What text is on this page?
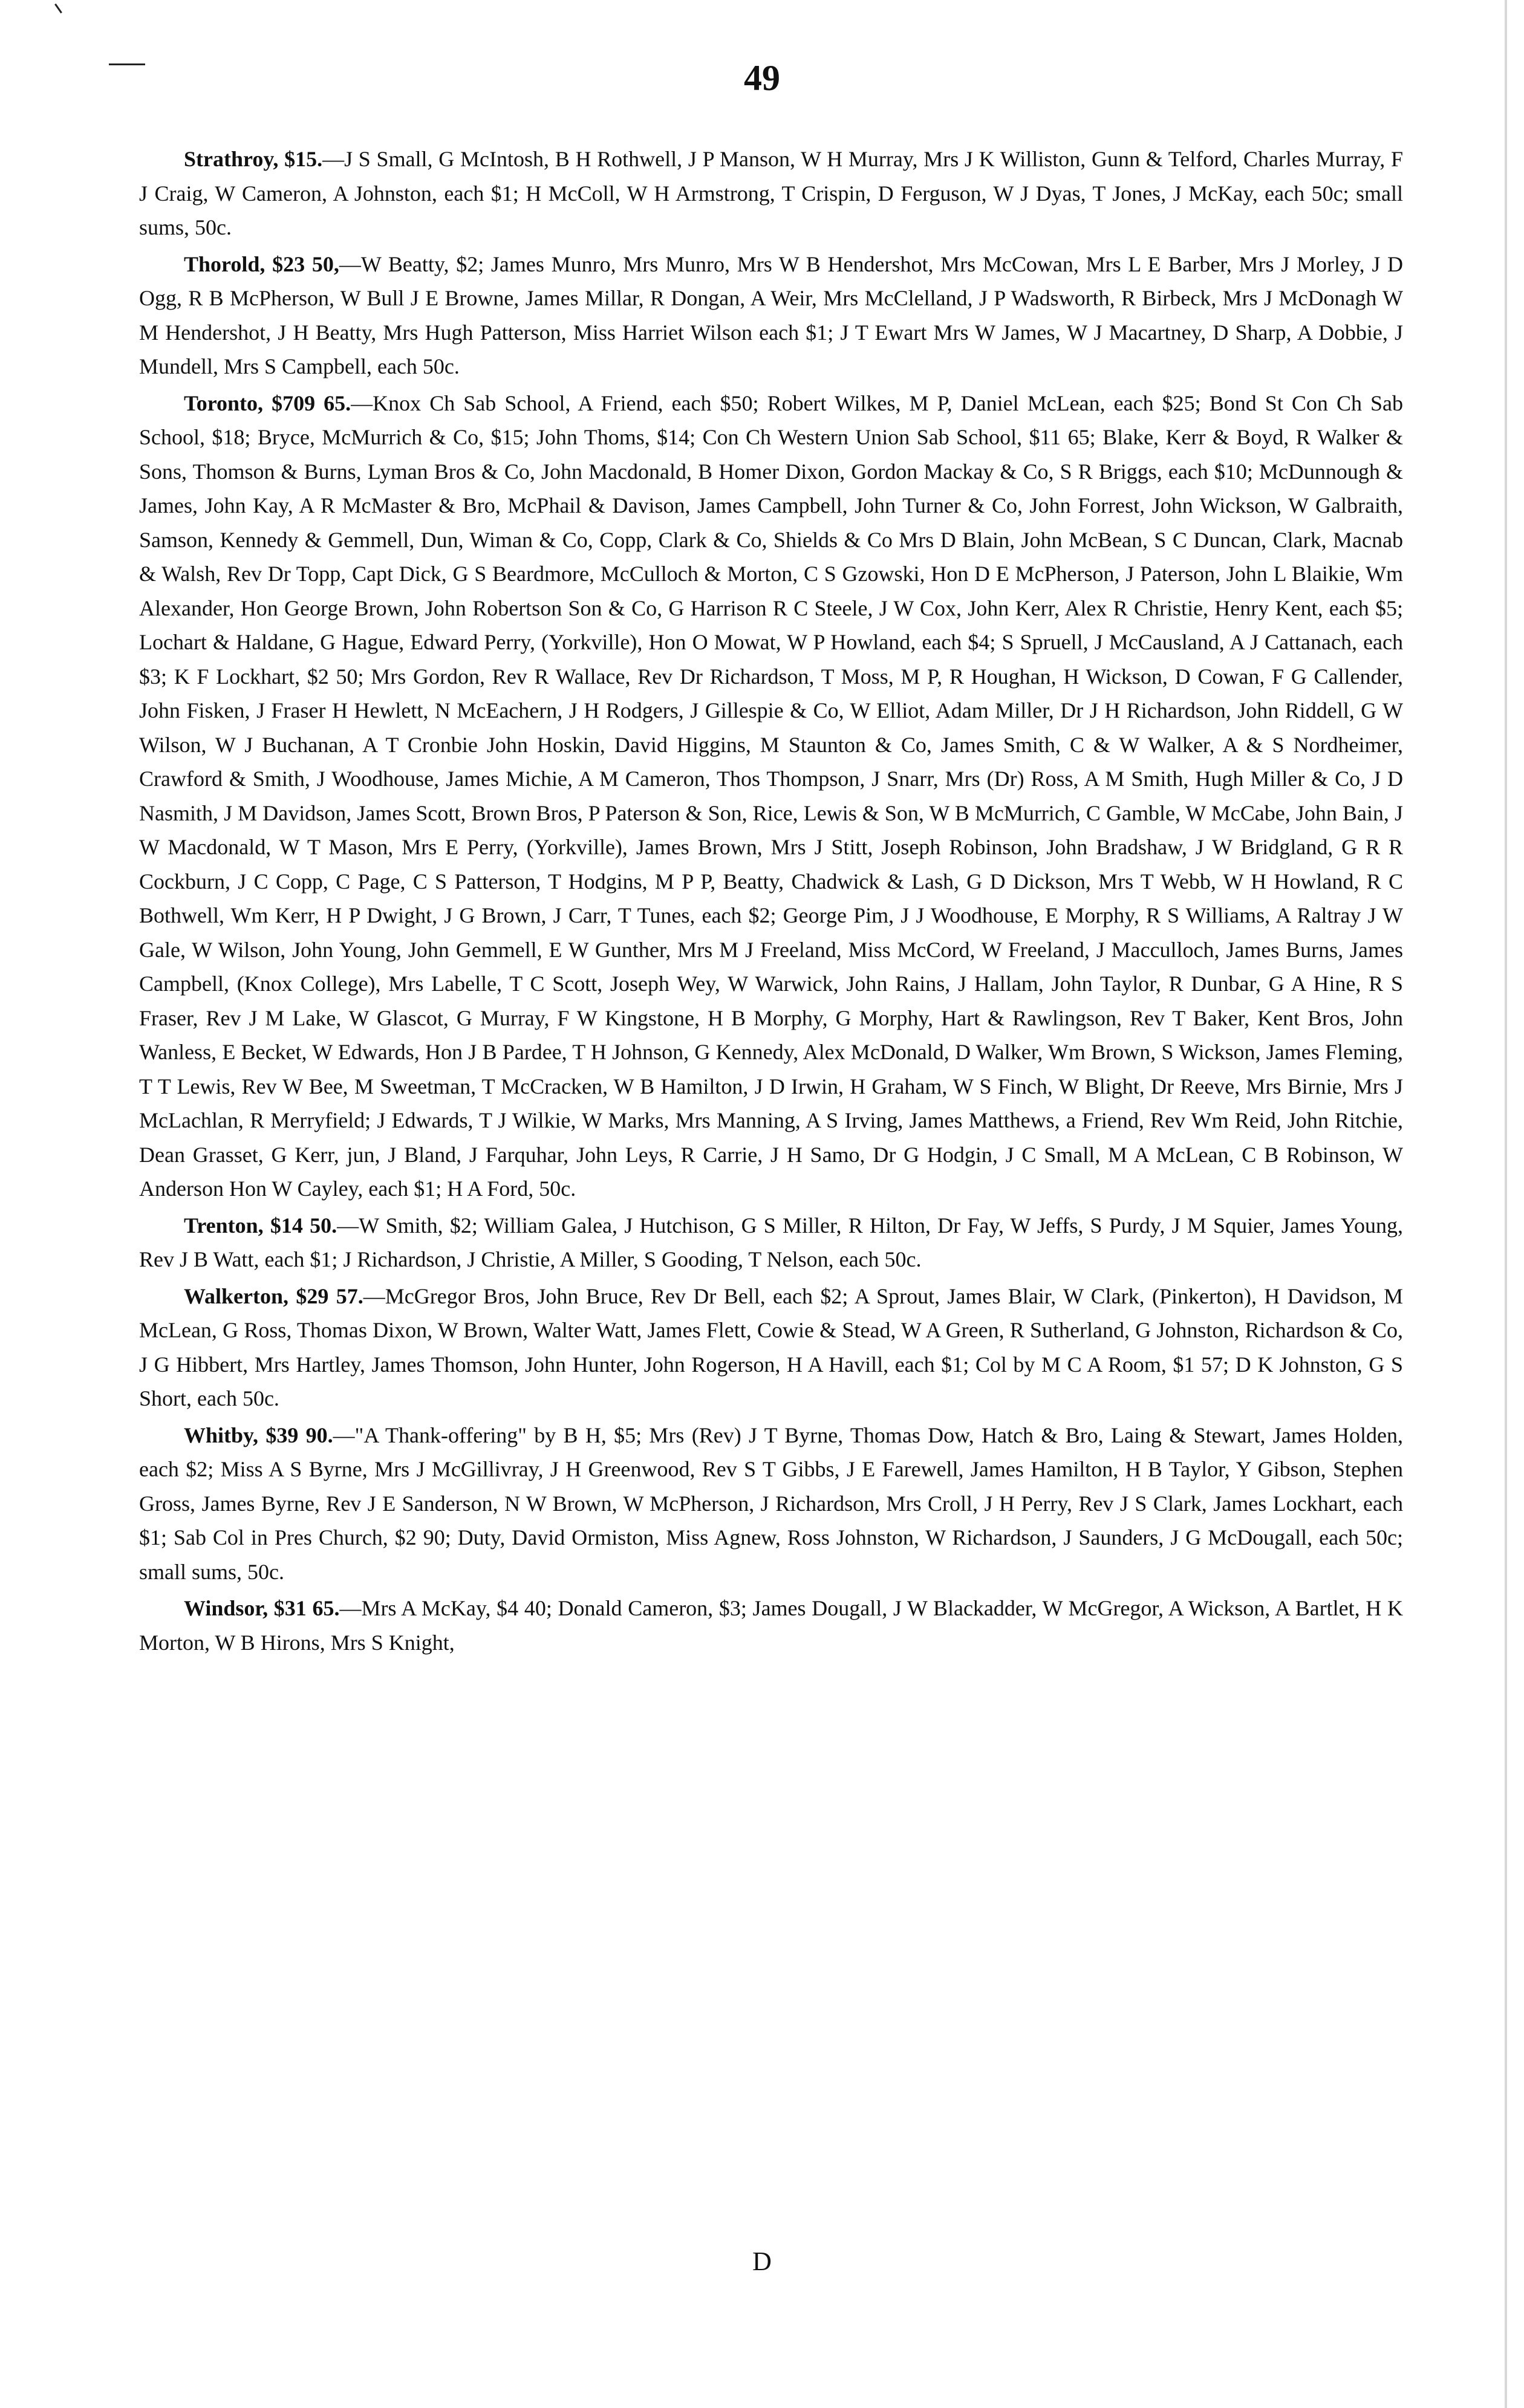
49

Strathroy, $15.—J S Small, G McIntosh, B H Rothwell, J P Manson, W H Murray, Mrs J K Williston, Gunn & Telford, Charles Murray, F J Craig, W Cameron, A Johnston, each $1; H McColl, W H Armstrong, T Crispin, D Ferguson, W J Dyas, T Jones, J McKay, each 50c; small sums, 50c.

Thorold, $23 50,—W Beatty, $2; James Munro, Mrs Munro, Mrs W B Hendershot, Mrs McCowan, Mrs L E Barber, Mrs J Morley, J D Ogg, R B McPherson, W Bull J E Browne, James Millar, R Dongan, A Weir, Mrs McClelland, J P Wadsworth, R Birbeck, Mrs J McDonagh W M Hendershot, J H Beatty, Mrs Hugh Patterson, Miss Harriet Wilson each $1; J T Ewart Mrs W James, W J Macartney, D Sharp, A Dobbie, J Mundell, Mrs S Campbell, each 50c.

Toronto, $709 65.—Knox Ch Sab School, A Friend, each $50; Robert Wilkes, M P, Daniel McLean, each $25; Bond St Con Ch Sab School, $18; Bryce, McMurrich & Co, $15; John Thoms, $14; Con Ch Western Union Sab School, $11 65; Blake, Kerr & Boyd, R Walker & Sons, Thomson & Burns, Lyman Bros & Co, John Macdonald, B Homer Dixon, Gordon Mackay & Co, S R Briggs, each $10; McDunnough & James, John Kay, A R McMaster & Bro, McPhail & Davison, James Campbell, John Turner & Co, John Forrest, John Wickson, W Galbraith, Samson, Kennedy & Gemmell, Dun, Wiman & Co, Copp, Clark & Co, Shields & Co Mrs D Blain, John McBean, S C Duncan, Clark, Macnab & Walsh, Rev Dr Topp, Capt Dick, G S Beardmore, McCulloch & Morton, C S Gzowski, Hon D E McPherson, J Paterson, John L Blaikie, Wm Alexander, Hon George Brown, John Robertson Son & Co, G Harrison R C Steele, J W Cox, John Kerr, Alex R Christie, Henry Kent, each $5; Lochart & Haldane, G Hague, Edward Perry, (Yorkville), Hon O Mowat, W P Howland, each $4; S Spruell, J McCausland, A J Cattanach, each $3; K F Lockhart, $2 50; Mrs Gordon, Rev R Wallace, Rev Dr Richardson, T Moss, M P, R Houghan, H Wickson, D Cowan, F G Callender, John Fisken, J Fraser H Hewlett, N McEachern, J H Rodgers, J Gillespie & Co, W Elliot, Adam Miller, Dr J H Richardson, John Riddell, G W Wilson, W J Buchanan, A T Cronbie John Hoskin, David Higgins, M Staunton & Co, James Smith, C & W Walker, A & S Nordheimer, Crawford & Smith, J Woodhouse, James Michie, A M Cameron, Thos Thompson, J Snarr, Mrs (Dr) Ross, A M Smith, Hugh Miller & Co, J D Nasmith, J M Davidson, James Scott, Brown Bros, P Paterson & Son, Rice, Lewis & Son, W B McMurrich, C Gamble, W McCabe, John Bain, J W Macdonald, W T Mason, Mrs E Perry, (Yorkville), James Brown, Mrs J Stitt, Joseph Robinson, John Bradshaw, J W Bridgland, G R R Cockburn, J C Copp, C Page, C S Patterson, T Hodgins, M P P, Beatty, Chadwick & Lash, G D Dickson, Mrs T Webb, W H Howland, R C Bothwell, Wm Kerr, H P Dwight, J G Brown, J Carr, T Tunes, each $2; George Pim, J J Woodhouse, E Morphy, R S Williams, A Raltray J W Gale, W Wilson, John Young, John Gemmell, E W Gunther, Mrs M J Freeland, Miss McCord, W Freeland, J Macculloch, James Burns, James Campbell, (Knox College), Mrs Labelle, T C Scott, Joseph Wey, W Warwick, John Rains, J Hallam, John Taylor, R Dunbar, G A Hine, R S Fraser, Rev J M Lake, W Glascot, G Murray, F W Kingstone, H B Morphy, G Morphy, Hart & Rawlingson, Rev T Baker, Kent Bros, John Wanless, E Becket, W Edwards, Hon J B Pardee, T H Johnson, G Kennedy, Alex McDonald, D Walker, Wm Brown, S Wickson, James Fleming, T T Lewis, Rev W Bee, M Sweetman, T McCracken, W B Hamilton, J D Irwin, H Graham, W S Finch, W Blight, Dr Reeve, Mrs Birnie, Mrs J McLachlan, R Merryfield; J Edwards, T J Wilkie, W Marks, Mrs Manning, A S Irving, James Matthews, a Friend, Rev Wm Reid, John Ritchie, Dean Grasset, G Kerr, jun, J Bland, J Farquhar, John Leys, R Carrie, J H Samo, Dr G Hodgin, J C Small, M A McLean, C B Robinson, W Anderson Hon W Cayley, each $1; H A Ford, 50c.

Trenton, $14 50.—W Smith, $2; William Galea, J Hutchison, G S Miller, R Hilton, Dr Fay, W Jeffs, S Purdy, J M Squier, James Young, Rev J B Watt, each $1; J Richardson, J Christie, A Miller, S Gooding, T Nelson, each 50c.

Walkerton, $29 57.—McGregor Bros, John Bruce, Rev Dr Bell, each $2; A Sprout, James Blair, W Clark, (Pinkerton), H Davidson, M McLean, G Ross, Thomas Dixon, W Brown, Walter Watt, James Flett, Cowie & Stead, W A Green, R Sutherland, G Johnston, Richardson & Co, J G Hibbert, Mrs Hartley, James Thomson, John Hunter, John Rogerson, H A Havill, each $1; Col by M C A Room, $1 57; D K Johnston, G S Short, each 50c.

Whitby, $39 90.—"A Thank-offering" by B H, $5; Mrs (Rev) J T Byrne, Thomas Dow, Hatch & Bro, Laing & Stewart, James Holden, each $2; Miss A S Byrne, Mrs J McGillivray, J H Greenwood, Rev S T Gibbs, J E Farewell, James Hamilton, H B Taylor, Y Gibson, Stephen Gross, James Byrne, Rev J E Sanderson, N W Brown, W McPherson, J Richardson, Mrs Croll, J H Perry, Rev J S Clark, James Lockhart, each $1; Sab Col in Pres Church, $2 90; Duty, David Ormiston, Miss Agnew, Ross Johnston, W Richardson, J Saunders, J G McDougall, each 50c; small sums, 50c.

Windsor, $31 65.—Mrs A McKay, $4 40; Donald Cameron, $3; James Dougall, J W Blackadder, W McGregor, A Wickson, A Bartlet, H K Morton, W B Hirons, Mrs S Knight,

D
